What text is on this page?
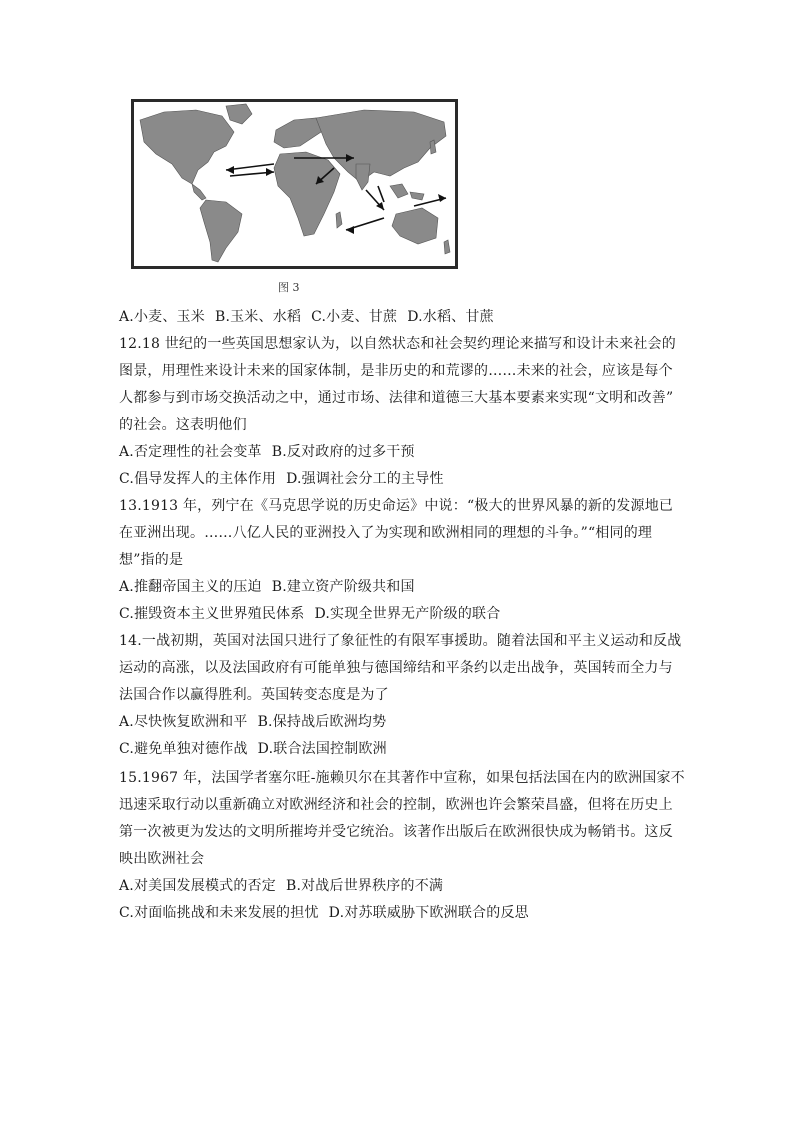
图 3
A.小麦、玉米 B.玉米、水稻 C.小麦、甘蔗 D.水稻、甘蔗
12.18 世纪的一些英国思想家认为，以自然状态和社会契约理论来描写和设计未来社会的
图景，用理性来设计未来的国家体制，是非历史的和荒谬的……未来的社会，应该是每个
人都参与到市场交换活动之中，通过市场、法律和道德三大基本要素来实现“文明和改善”
的社会。这表明他们
A.否定理性的社会变革 B.反对政府的过多干预
C.倡导发挥人的主体作用 D.强调社会分工的主导性
13.1913 年，列宁在《马克思学说的历史命运》中说：“极大的世界风暴的新的发源地已
在亚洲出现。……八亿人民的亚洲投入了为实现和欧洲相同的理想的斗争。”“相同的理
想”指的是
A.推翻帝国主义的压迫 B.建立资产阶级共和国
C.摧毁资本主义世界殖民体系 D.实现全世界无产阶级的联合
14.一战初期，英国对法国只进行了象征性的有限军事援助。随着法国和平主义运动和反战
运动的高涨，以及法国政府有可能单独与德国缔结和平条约以走出战争，英国转而全力与
法国合作以赢得胜利。英国转变态度是为了
A.尽快恢复欧洲和平 B.保持战后欧洲均势
C.避免单独对德作战 D.联合法国控制欧洲
15.1967 年，法国学者塞尔旺-施赖贝尔在其著作中宣称，如果包括法国在内的欧洲国家不
迅速采取行动以重新确立对欧洲经济和社会的控制，欧洲也许会繁荣昌盛，但将在历史上
第一次被更为发达的文明所摧垮并受它统治。该著作出版后在欧洲很快成为畅销书。这反
映出欧洲社会
A.对美国发展模式的否定 B.对战后世界秩序的不满
C.对面临挑战和未来发展的担忧 D.对苏联威胁下欧洲联合的反思
